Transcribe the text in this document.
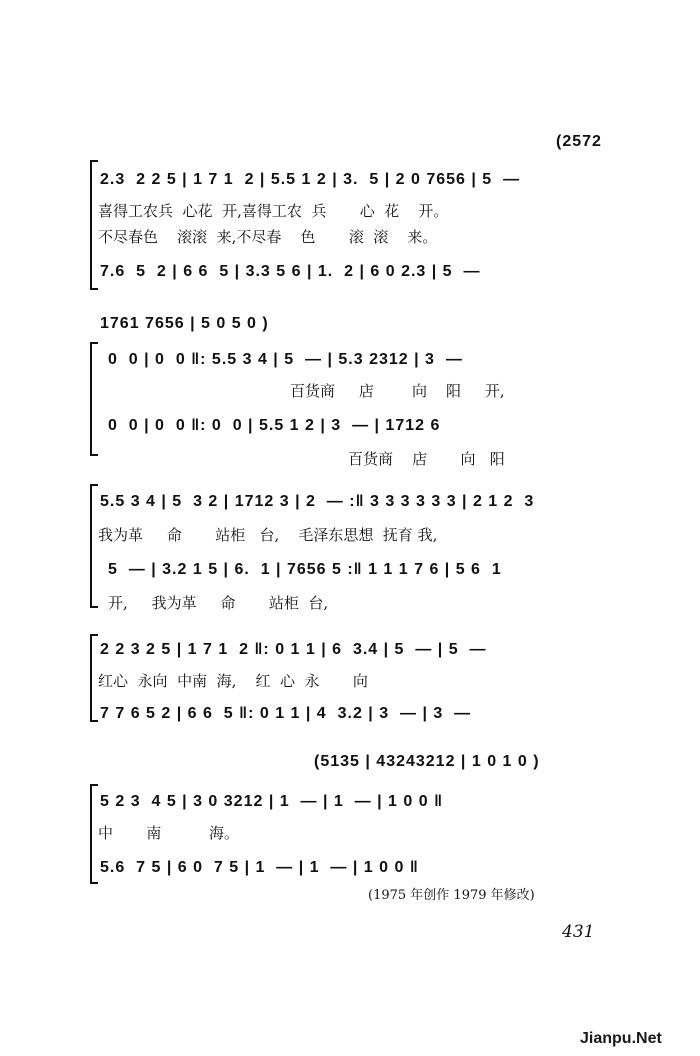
(2572
2.3  2 2 5 | 1 7 1  2 | 5.5 1 2 | 3.  5 | 2 0 7656 | 5  —
喜得工农兵  心花  开,喜得工农  兵       心  花    开。
不尽春色    滚滚  来,不尽春    色       滚  滚    来。
7.6  5  2 | 6 6  5 | 3.3 5 6 | 1.  2 | 6 0 2.3 | 5  —
1761 7656 | 5 0 5 0 )
0  0 | 0  0 ‖: 5.5 3 4 | 5  — | 5.3 2312 | 3  —
百货商     店        向    阳     开,
0  0 | 0  0 ‖: 0  0 | 5.5 1 2 | 3  — | 1712 6
百货商    店       向   阳
5.5 3 4 | 5  3 2 | 1712 3 | 2  — :‖ 3 3 3 3 3 3 | 2 1 2  3
我为革     命       站柜   台,    毛泽东思想  抚育 我,
5  — | 3.2 1 5 | 6.  1 | 7656 5 :‖ 1 1 1 7 6 | 5 6  1
开,     我为革     命       站柜  台,
2 2 3 2 5 | 1 7 1  2 ‖: 0 1 1 | 6  3.4 | 5  — | 5  —
红心  永向  中南  海,    红  心  永       向
7 7 6 5 2 | 6 6  5 ‖: 0 1 1 | 4  3.2 | 3  — | 3  —
(5135 | 43243212 | 1 0 1 0 )
5 2 3  4 5 | 3 0 3212 | 1  — | 1  — | 1 0 0 ‖
中       南          海。
5.6  7 5 | 6 0  7 5 | 1  — | 1  — | 1 0 0 ‖
(1975 年创作 1979 年修改)
431
Jianpu.Net
